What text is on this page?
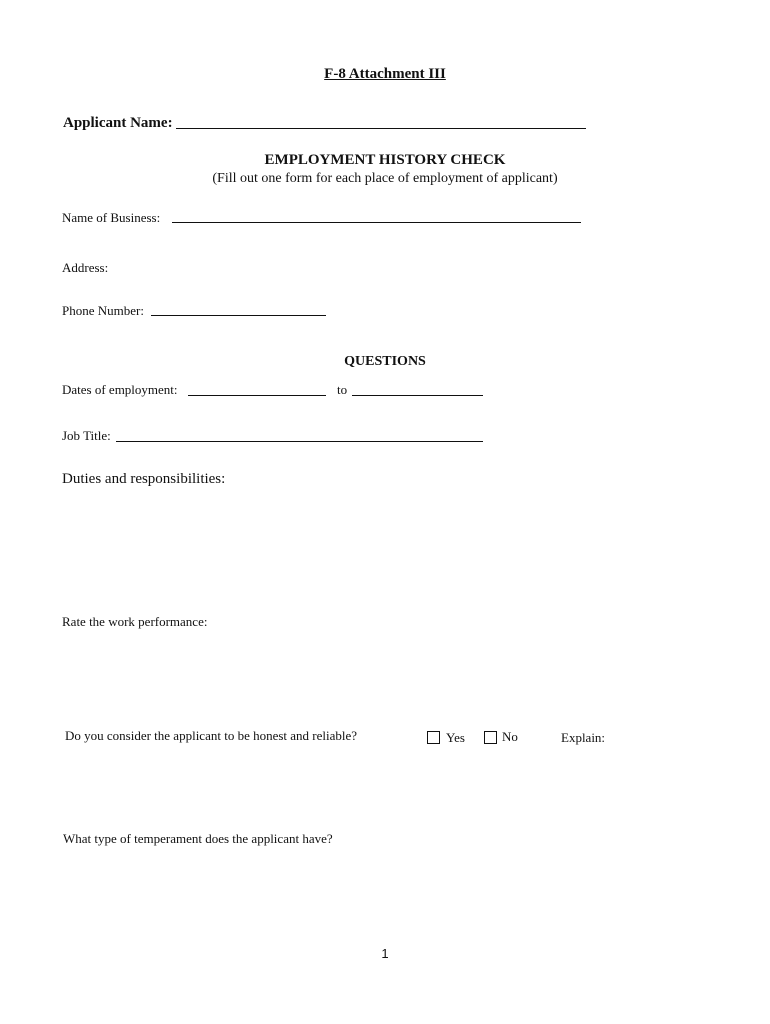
F-8 Attachment III
Applicant Name:
EMPLOYMENT HISTORY CHECK
(Fill out one form for each place of employment of applicant)
Name of Business:
Address:
Phone Number:
QUESTIONS
Dates of employment:	to
Job Title:
Duties and responsibilities:
Rate the work performance:
Do you consider the applicant to be honest and reliable?	Yes	No	Explain:
What type of temperament does the applicant have?
1
